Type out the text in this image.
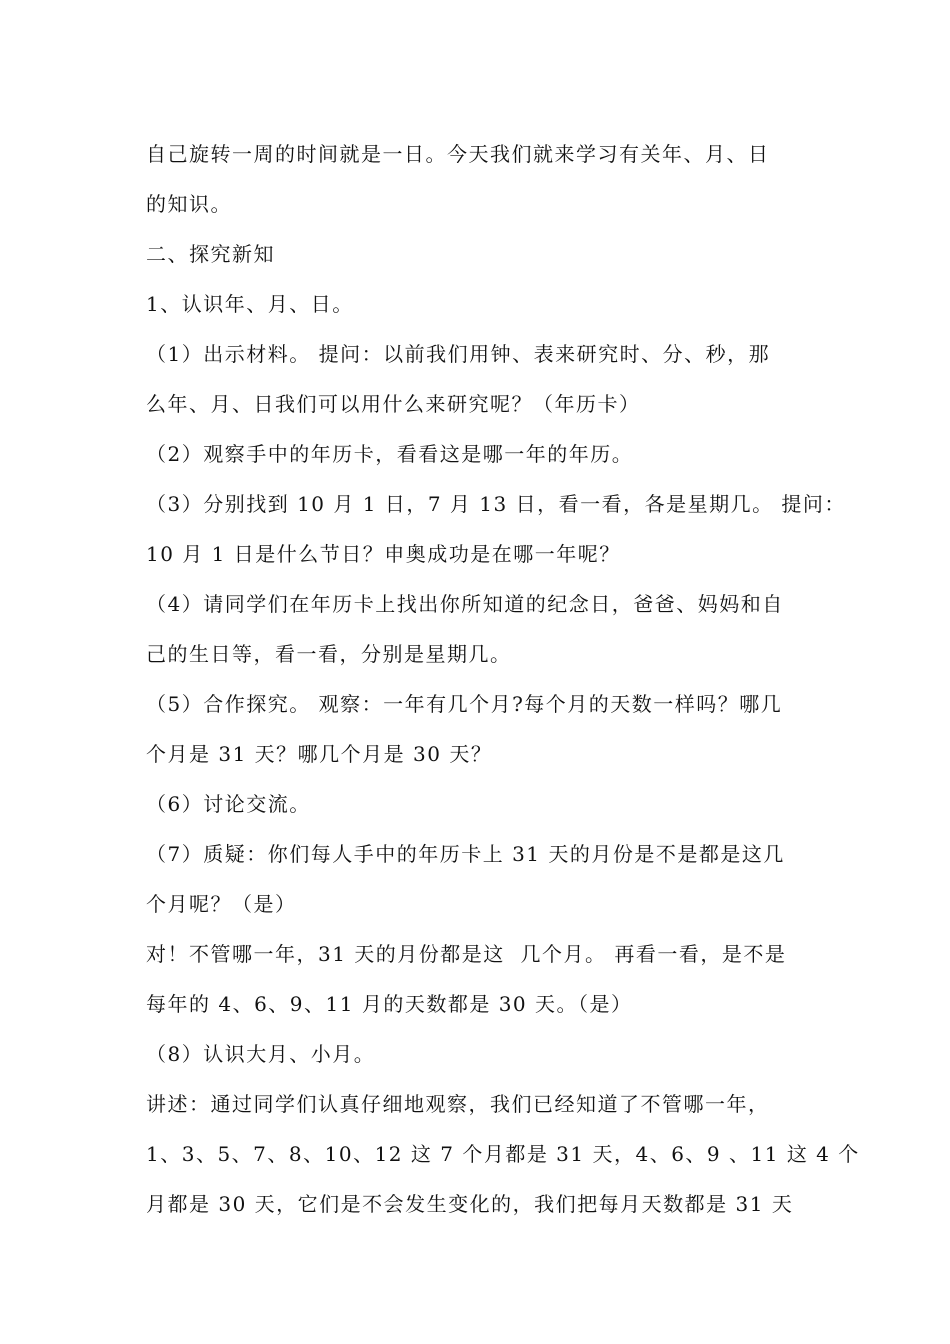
自己旋转一周的时间就是一日。今天我们就来学习有关年、月、日
的知识。
二、探究新知
1、认识年、月、日。
（1）出示材料。 提问：以前我们用钟、表来研究时、分、秒，那
么年、月、日我们可以用什么来研究呢？（年历卡）
（2）观察手中的年历卡，看看这是哪一年的年历。
（3）分别找到 10 月 1 日，7 月 13 日，看一看，各是星期几。 提问：
10 月 1 日是什么节日？申奥成功是在哪一年呢？
（4）请同学们在年历卡上找出你所知道的纪念日，爸爸、妈妈和自
己的生日等，看一看，分别是星期几。
（5）合作探究。 观察：一年有几个月?每个月的天数一样吗？哪几
个月是 31 天？哪几个月是 30 天？
（6）讨论交流。
（7）质疑：你们每人手中的年历卡上 31 天的月份是不是都是这几
个月呢？（是）
对！不管哪一年，31 天的月份都是这  几个月。 再看一看，是不是
每年的 4、6、9、11 月的天数都是 30 天。（是）
（8）认识大月、小月。
讲述：通过同学们认真仔细地观察，我们已经知道了不管哪一年，
1、3、5、7、8、10、12 这 7 个月都是 31 天，4、6、9 、11 这 4 个
月都是 30 天，它们是不会发生变化的，我们把每月天数都是 31 天
